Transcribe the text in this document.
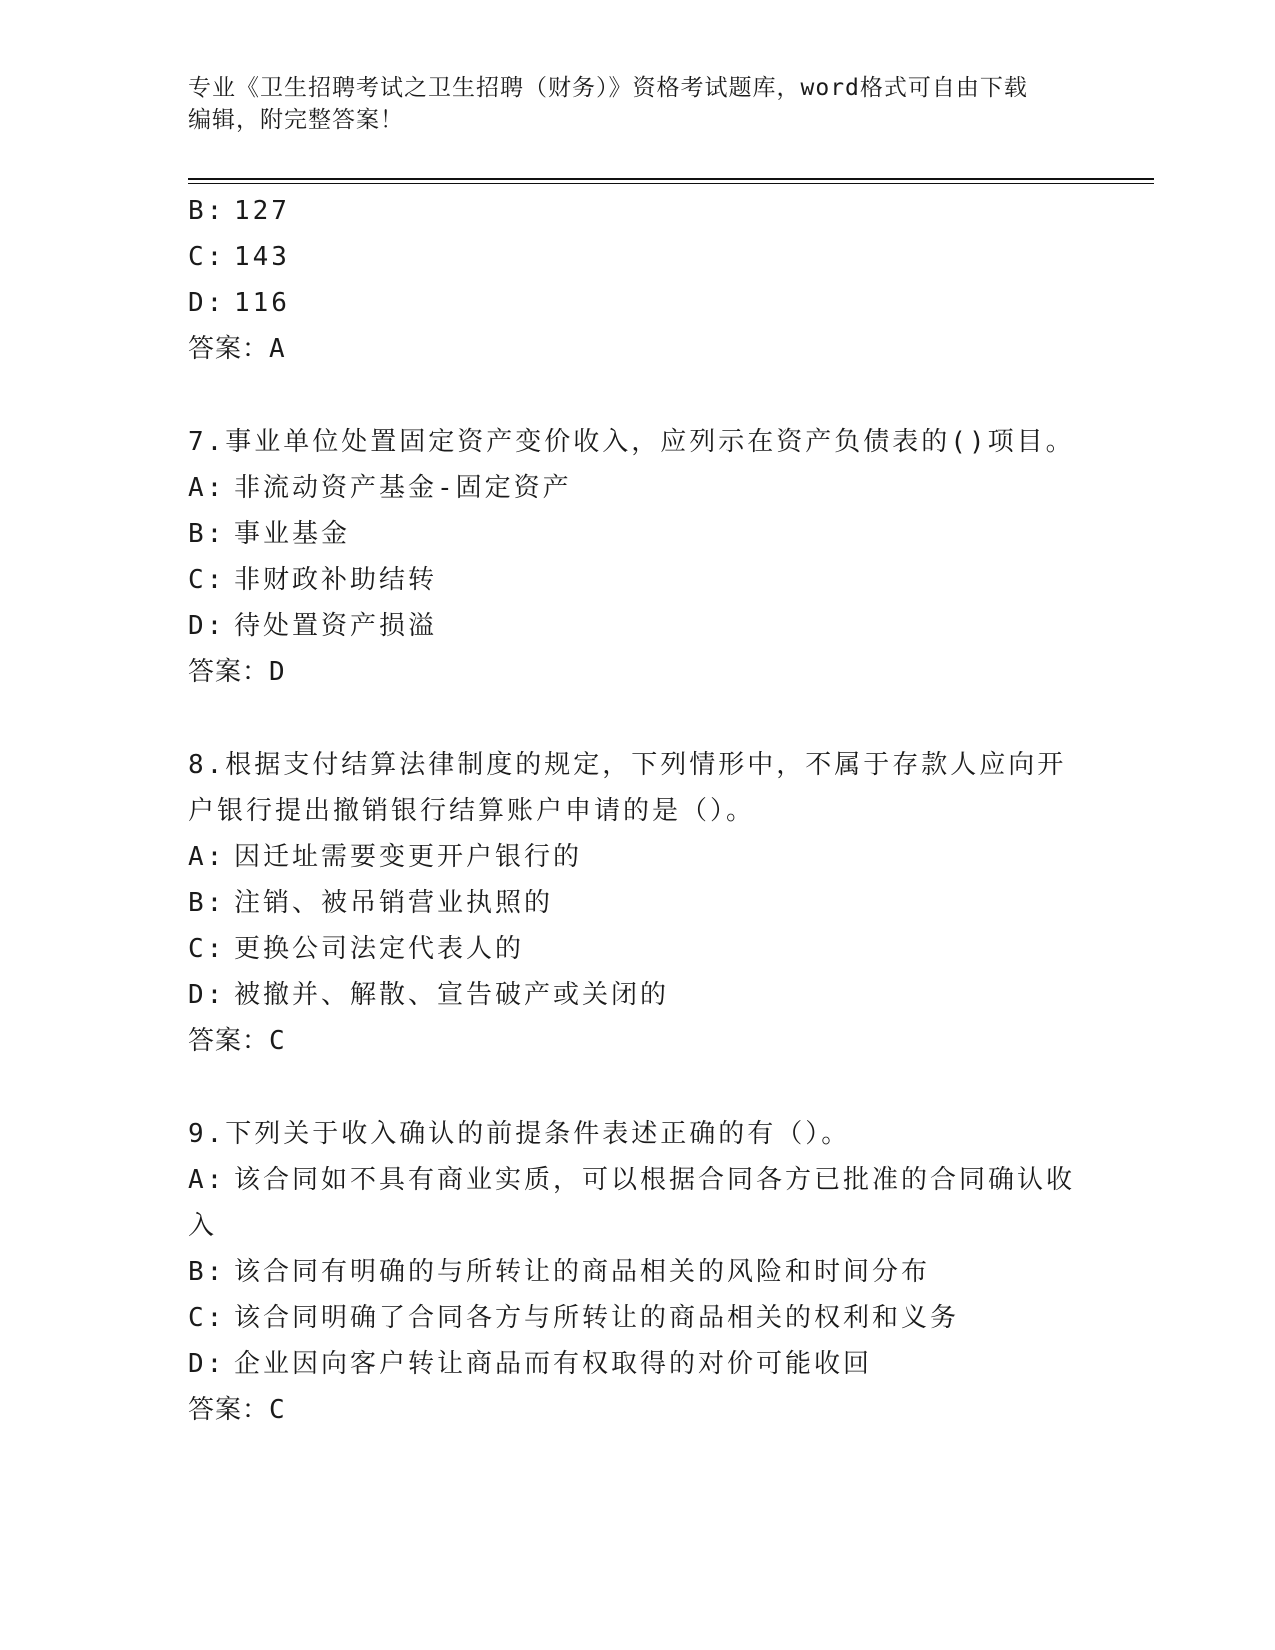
专业《卫生招聘考试之卫生招聘（财务）》资格考试题库，word格式可自由下载
编辑，附完整答案！
B: 127
C: 143
D: 116
答案：A
7.事业单位处置固定资产变价收入，应列示在资产负债表的()项目。
A: 非流动资产基金-固定资产
B: 事业基金
C: 非财政补助结转
D: 待处置资产损溢
答案：D
8.根据支付结算法律制度的规定，下列情形中，不属于存款人应向开
户银行提出撤销银行结算账户申请的是（）。
A: 因迁址需要变更开户银行的
B: 注销、被吊销营业执照的
C: 更换公司法定代表人的
D: 被撤并、解散、宣告破产或关闭的
答案：C
9.下列关于收入确认的前提条件表述正确的有（）。
A: 该合同如不具有商业实质，可以根据合同各方已批准的合同确认收
入
B: 该合同有明确的与所转让的商品相关的风险和时间分布
C: 该合同明确了合同各方与所转让的商品相关的权利和义务
D: 企业因向客户转让商品而有权取得的对价可能收回
答案：C
